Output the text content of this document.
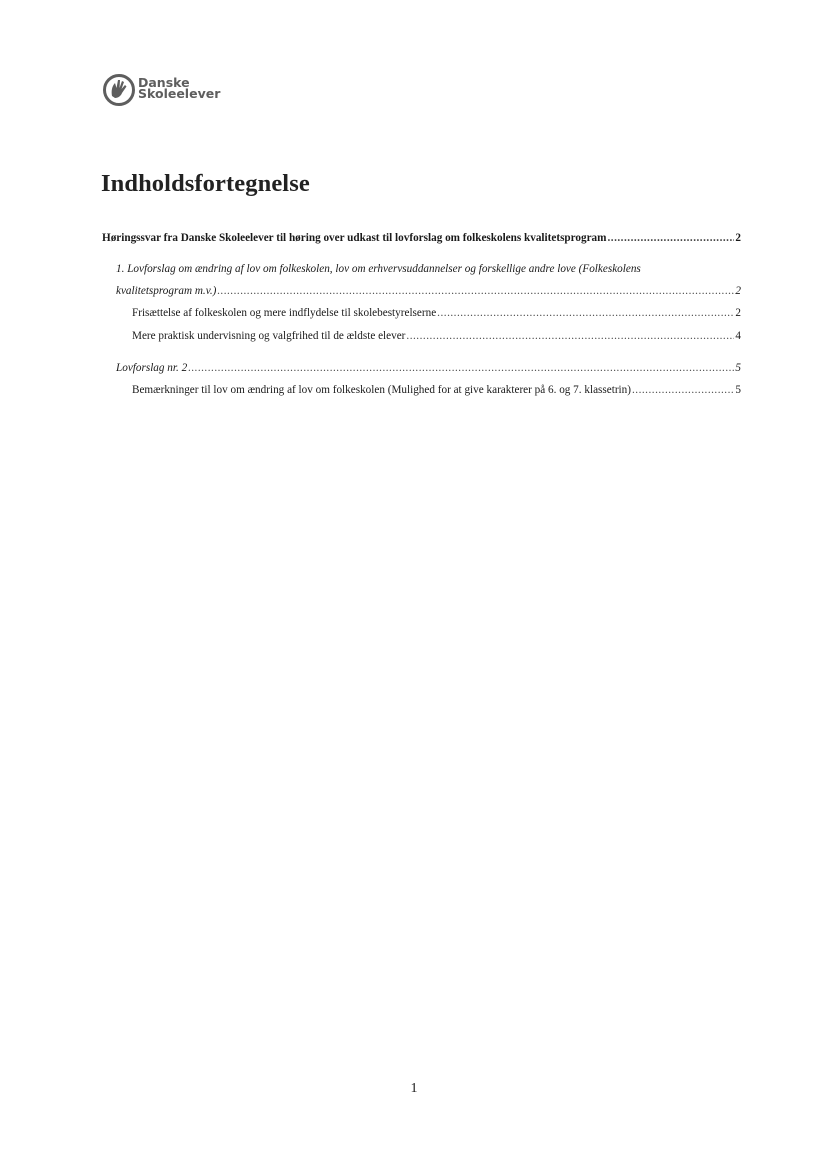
Danske
Skoleelever
Indholdsfortegnelse
Høringssvar fra Danske Skoleelever til høring over udkast til lovforslag om folkeskolens kvalitetsprogram .....	2
1. Lovforslag om ændring af lov om folkeskolen, lov om erhvervsuddannelser og forskellige andre love (Folkeskolens
kvalitetsprogram m.v.) .....	2
Frisættelse af folkeskolen og mere indflydelse til skolebestyrelserne .....	2
Mere praktisk undervisning og valgfrihed til de ældste elever .....	4
Lovforslag nr. 2 .....	5
Bemærkninger til lov om ændring af lov om folkeskolen (Mulighed for at give karakterer på 6. og 7. klassetrin) .....	5
1
